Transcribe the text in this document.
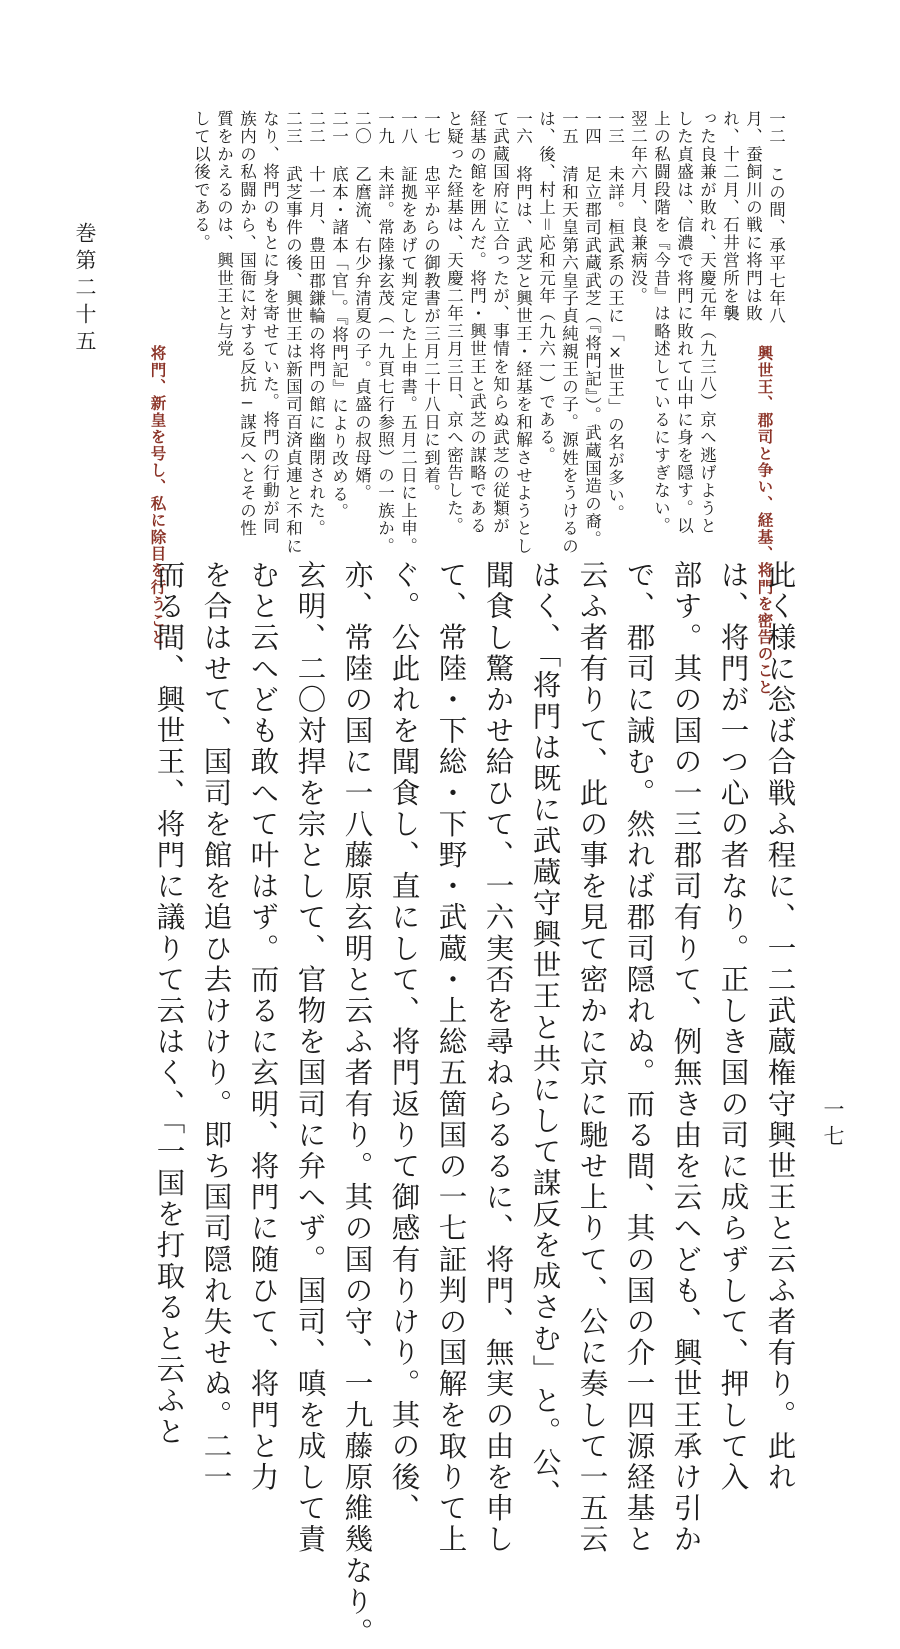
巻第二十五	一二 この間、承平七年八
月、蚕飼川の戦に将門は敗
れ、十二月、石井営所を襲
った良兼が敗れ、天慶元年（九三八）京へ逃げようと
した貞盛は、信濃で将門に敗れて山中に身を隠す。以
上の私闘段階を『今昔』は略述しているにすぎない。
翌二年六月、良兼病没。
一三 未詳。桓武系の王に「×世王」の名が多い。
一四 足立郡司武蔵武芝（『将門記』）。武蔵国造の裔。
一五 清和天皇第六皇子貞純親王の子。源姓をうけるの
は、後、村上＝応和元年（九六一）である。
一六 将門は、武芝と興世王・経基を和解させようとし
て武蔵国府に立合ったが、事情を知らぬ武芝の従類が
経基の館を囲んだ。将門・興世王と武芝の謀略である
と疑った経基は、天慶二年三月三日、京へ密告した。
一七 忠平からの御教書が三月二十八日に到着。
一八 証拠をあげて判定した上申書。五月二日に上申。
一九 未詳。常陸掾玄茂（一九頁七行参照）の一族か。
二〇 乙麿流、右少弁清夏の子。貞盛の叔母婿。
二一 底本・諸本「官」。『将門記』により改める。
二二 十一月、豊田郡鎌輪の将門の館に幽閉された。
二三 武芝事件の後、興世王は新国司百済貞連と不和に
なり、将門のもとに身を寄せていた。将門の行動が同
族内の私闘から、国衙に対する反抗−謀反へとその性
質をかえるのは、興世王と与党
して以後である。
興世王、郡司と争い、経基、将門を密告のこと
将門、新皇を号し、私に除目を行うこと
此く様に忩ば合戦ふ程に、一二武蔵権守興世王と云ふ者有り。此れ
は、将門が一つ心の者なり。正しき国の司に成らずして、押して入
部す。其の国の一三郡司有りて、例無き由を云へども、興世王承け引か
で、郡司に誡む。然れば郡司隠れぬ。而る間、其の国の介一四源経基と
云ふ者有りて、此の事を見て密かに京に馳せ上りて、公に奏して一五云
はく、「将門は既に武蔵守興世王と共にして謀反を成さむ」と。公、
聞食し驚かせ給ひて、一六実否を尋ねらるるに、将門、無実の由を申し
て、常陸・下総・下野・武蔵・上総五箇国の一七証判の国解を取りて上
ぐ。公此れを聞食し、直にして、将門返りて御感有りけり。其の後、
亦、常陸の国に一八藤原玄明と云ふ者有り。其の国の守、一九藤原維幾なり。
玄明、二〇対捍を宗として、官物を国司に弁へず。国司、嗔を成して責
むと云へども敢へて叶はず。而るに玄明、将門に随ひて、将門と力
を合はせて、国司を館を追ひ去けけり。即ち国司隠れ失せぬ。二一
而る間、興世王、将門に議りて云はく、「一国を打取ると云ふと	一七
